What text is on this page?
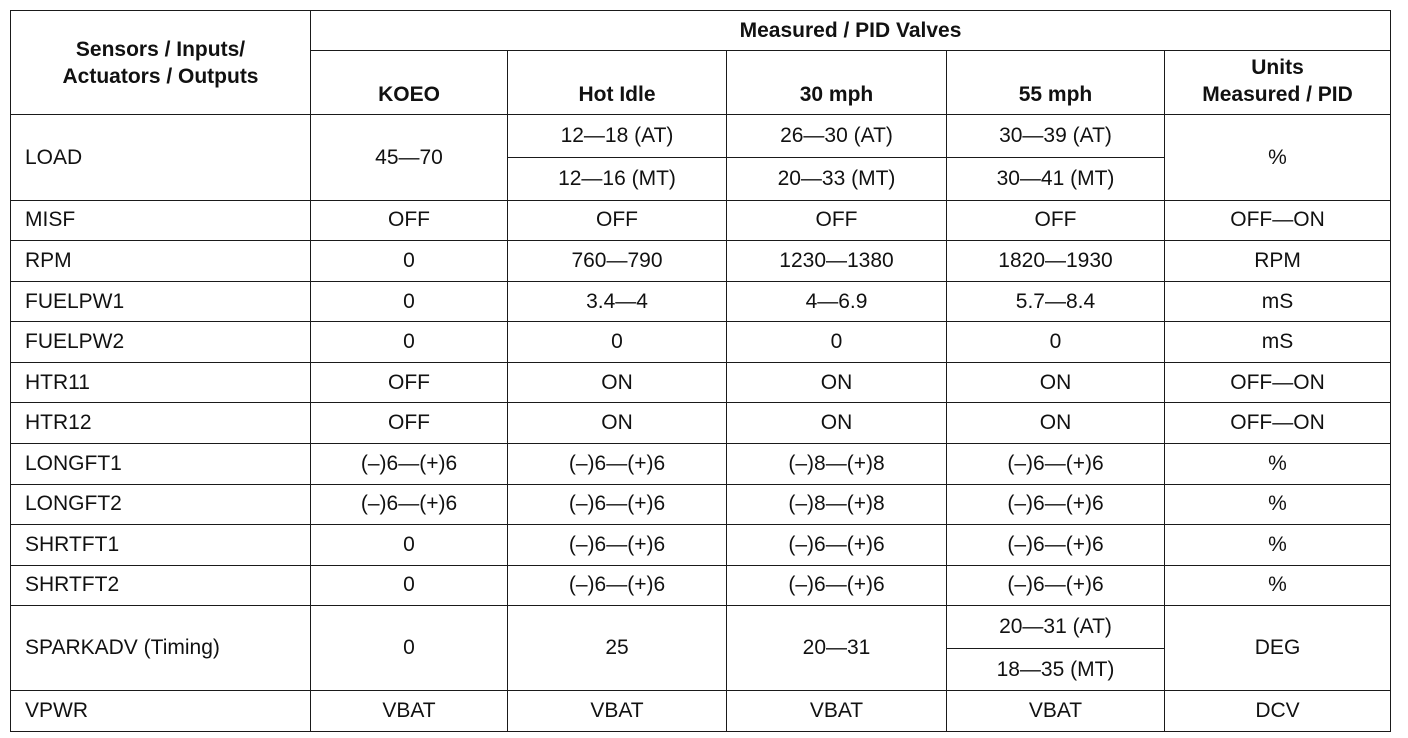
Sensors / Inputs/
Actuators / Outputs	Measured / PID Valves				
	KOEO	Hot Idle	30 mph	55 mph	Units
Measured / PID

LOAD	45—70	12—18 (AT)	26—30 (AT)	30—39 (AT)	%
		12—16 (MT)	20—33 (MT)	30—41 (MT)	
MISF	OFF	OFF	OFF	OFF	OFF—ON
RPM	0	760—790	1230—1380	1820—1930	RPM
FUELPW1	0	3.4—4	4—6.9	5.7—8.4	mS
FUELPW2	0	0	0	0	mS
HTR11	OFF	ON	ON	ON	OFF—ON
HTR12	OFF	ON	ON	ON	OFF—ON
LONGFT1	(–)6—(+)6	(–)6—(+)6	(–)8—(+)8	(–)6—(+)6	%
LONGFT2	(–)6—(+)6	(–)6—(+)6	(–)8—(+)8	(–)6—(+)6	%
SHRTFT1	0	(–)6—(+)6	(–)6—(+)6	(–)6—(+)6	%
SHRTFT2	0	(–)6—(+)6	(–)6—(+)6	(–)6—(+)6	%
SPARKADV (Timing)	0	25	20—31	20—31 (AT)	DEG
				18—35 (MT)	
VPWR	VBAT	VBAT	VBAT	VBAT	DCV
